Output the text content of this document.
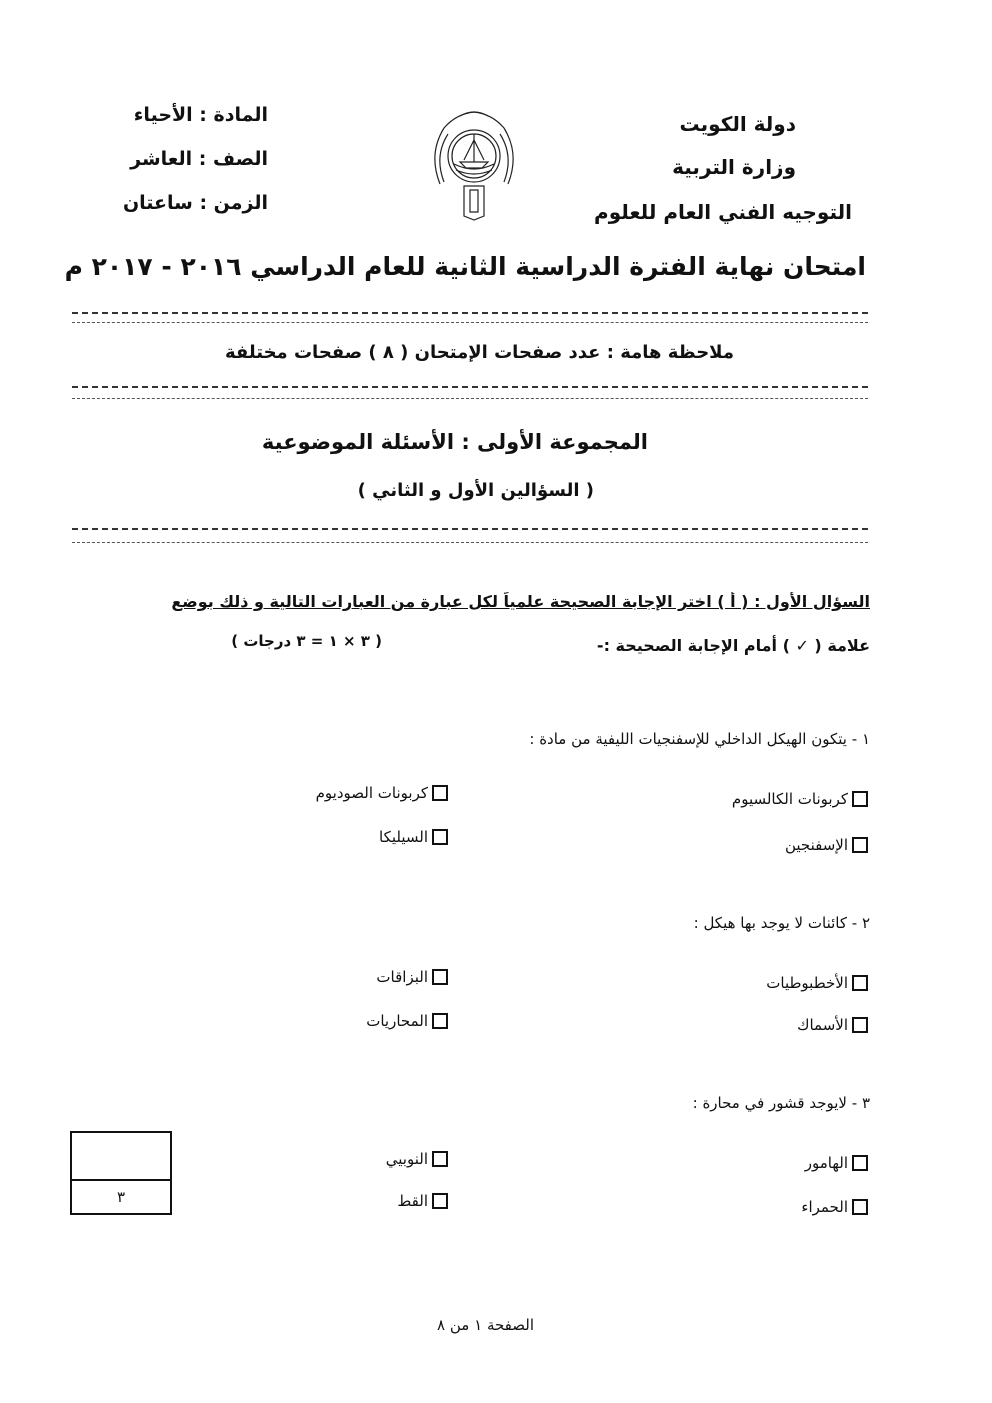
دولة الكويت
وزارة التربية
التوجيه الفني العام للعلوم
المادة : الأحياء
الصف : العاشر
الزمن : ساعتان
امتحان نهاية الفترة الدراسية الثانية للعام الدراسي ٢٠١٦ - ٢٠١٧ م
ملاحظة هامة : عدد صفحات الإمتحان ( ٨ ) صفحات مختلفة
المجموعة الأولى : الأسئلة الموضوعية
( السؤالين الأول و الثاني )
السؤال الأول : ( أ ) اختر الإجابة الصحيحة علمياً لكل عبارة من العبارات التالية و ذلك بوضع
علامة ( ✓ ) أمام الإجابة الصحيحة :-
( ٣ × ١ = ٣ درجات )
١ - يتكون الهيكل الداخلي للإسفنجيات الليفية من مادة :
كربونات الكالسيوم
كربونات الصوديوم
الإسفنجين
السيليكا
٢ - كائنات لا يوجد بها هيكل :
الأخطبوطيات
البزاقات
الأسماك
المحاريات
٣ - لايوجد قشور في محارة :
الهامور
النوبيي
الحمراء
القط
٣
الصفحة ١ من ٨
